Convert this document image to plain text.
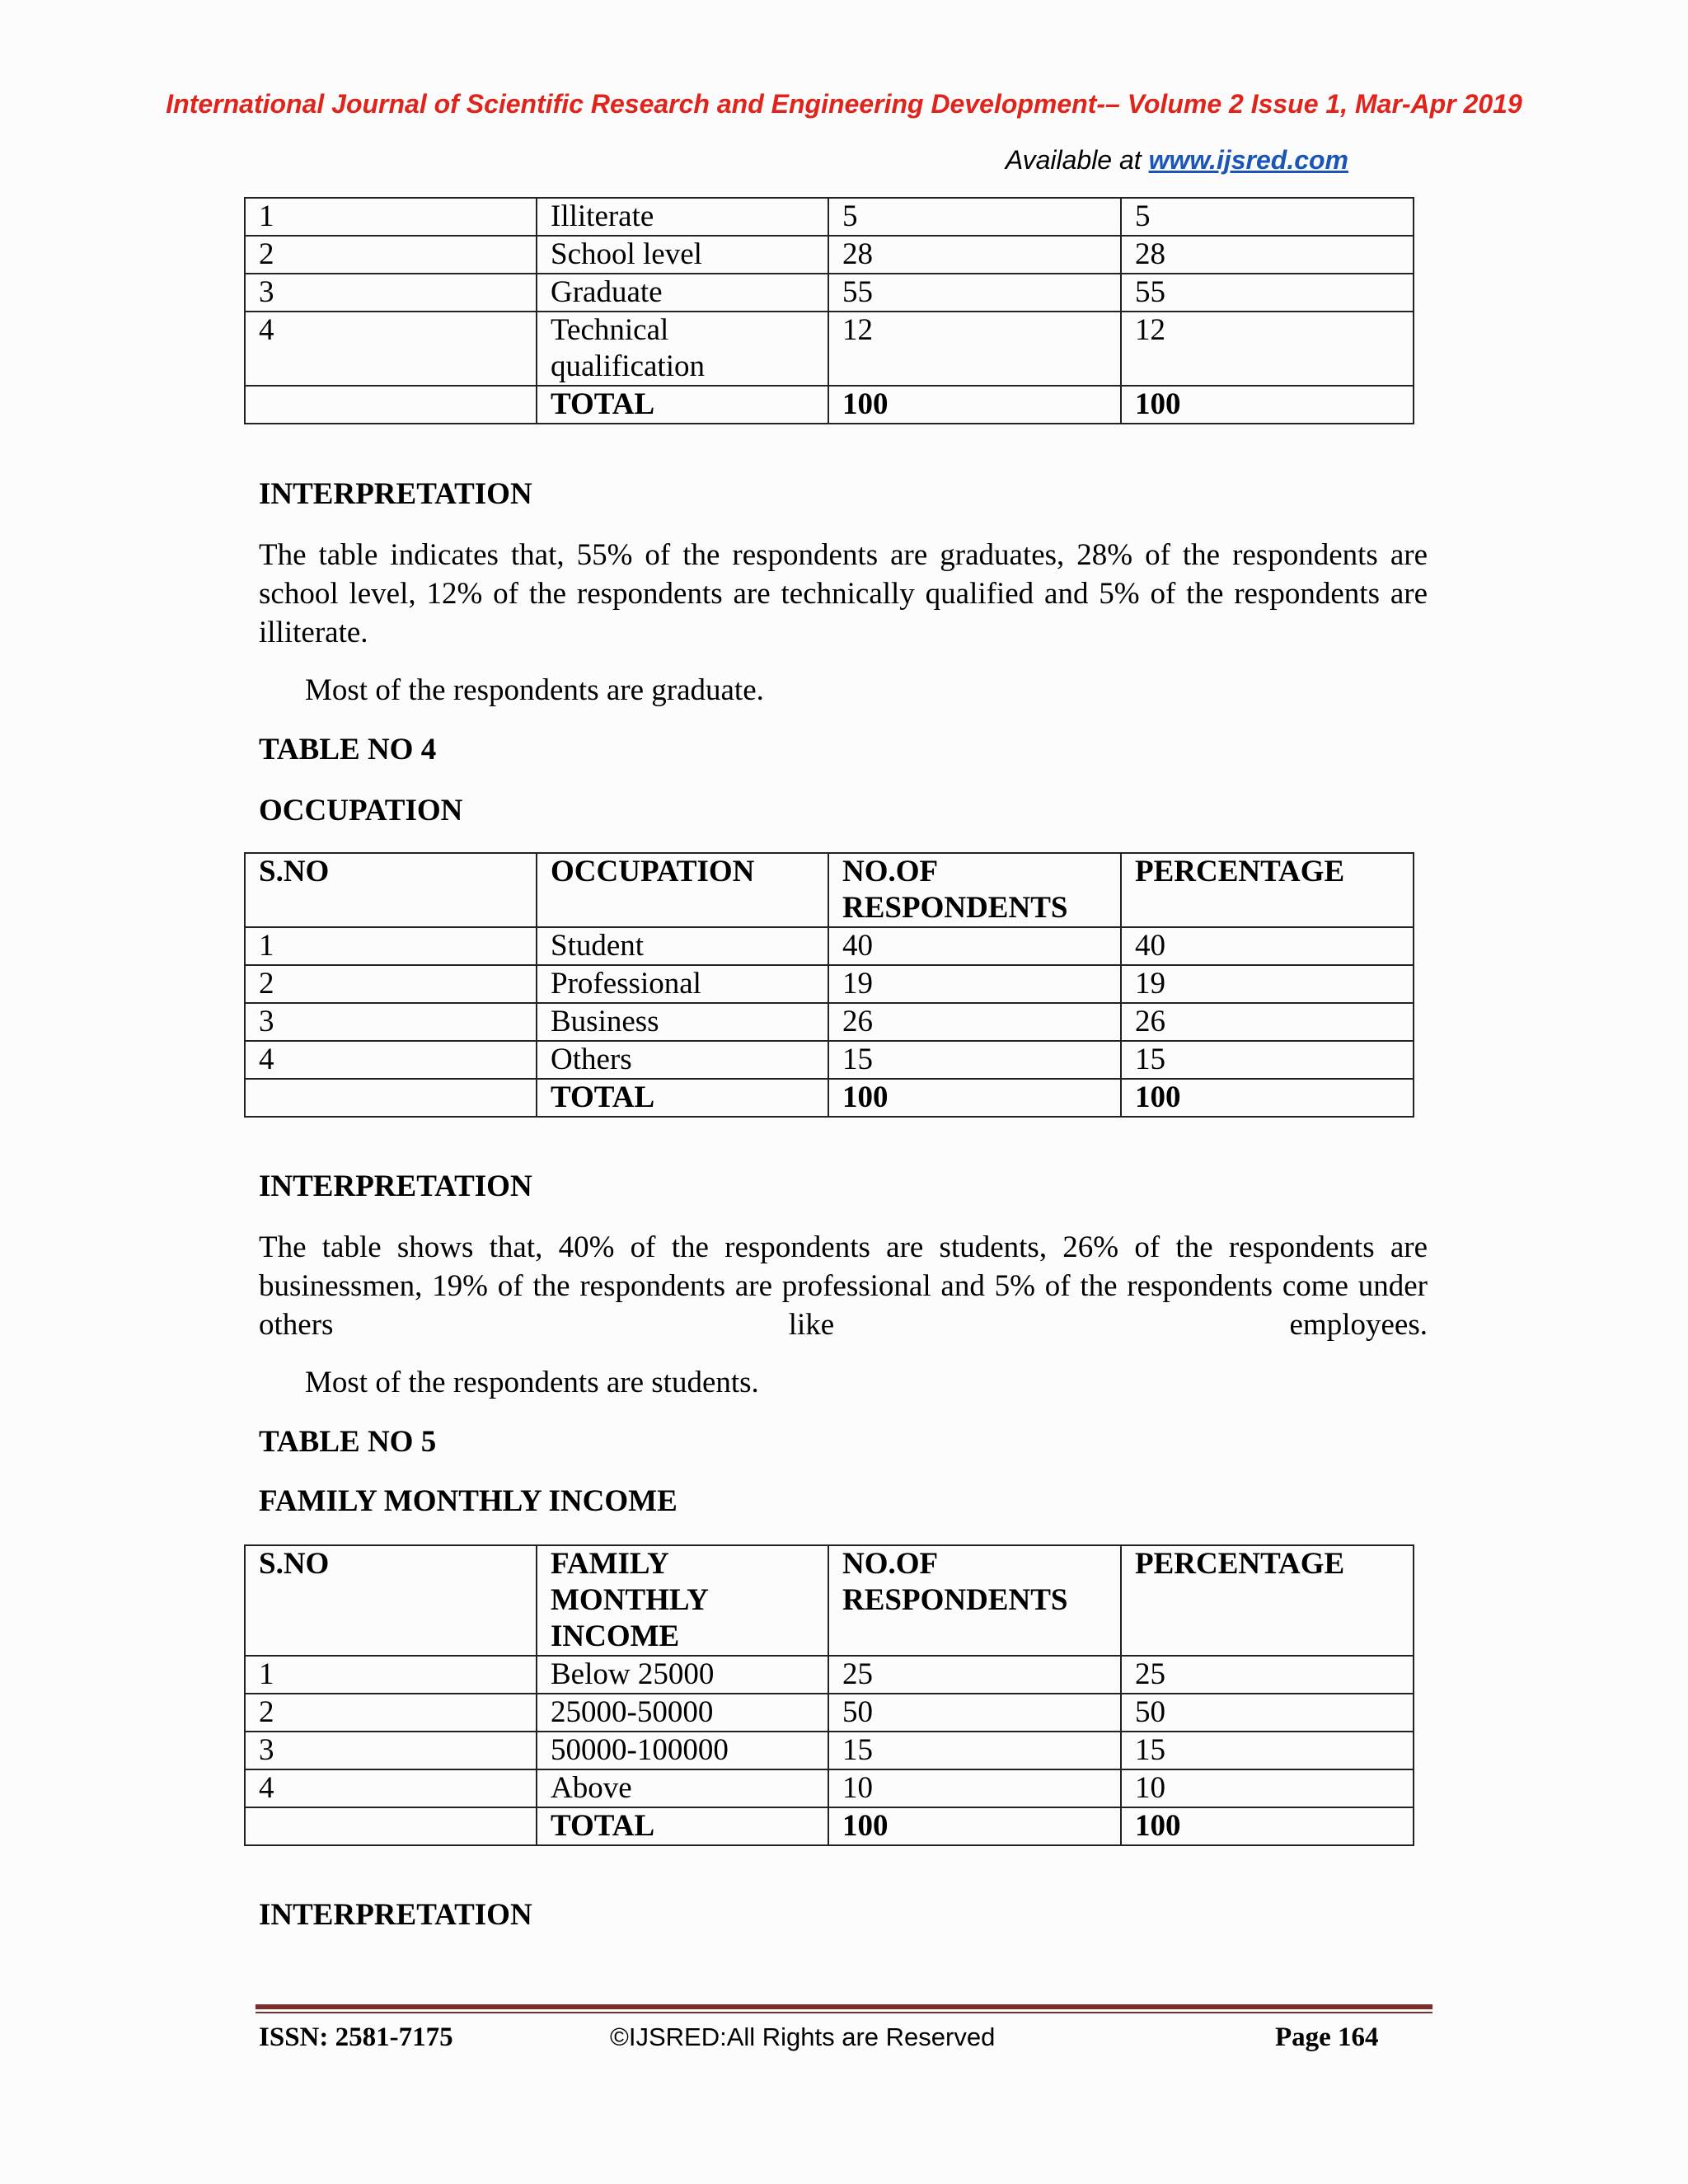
International Journal of Scientific Research and Engineering Development-– Volume 2 Issue 1, Mar-Apr 2019
Available at www.ijsred.com
1	Illiterate	5	5
2	School level	28	28
3	Graduate	55	55
4	Technical qualification	12	12
	TOTAL	100	100
INTERPRETATION
The table indicates that, 55% of the respondents are graduates, 28% of the respondents are school level, 12% of the respondents are technically qualified and 5% of the respondents are illiterate.
Most of the respondents are graduate.
TABLE NO 4
OCCUPATION
S.NO	OCCUPATION	NO.OF RESPONDENTS	PERCENTAGE
1	Student	40	40
2	Professional	19	19
3	Business	26	26
4	Others	15	15
	TOTAL	100	100
INTERPRETATION
The table shows that, 40% of the respondents are students, 26% of the respondents are businessmen, 19% of the respondents are professional and 5% of the respondents come under others like employees.
Most of the respondents are students.
TABLE NO 5
FAMILY MONTHLY INCOME
S.NO	FAMILY MONTHLY INCOME	NO.OF RESPONDENTS	PERCENTAGE
1	Below 25000	25	25
2	25000-50000	50	50
3	50000-100000	15	15
4	Above	10	10
	TOTAL	100	100
INTERPRETATION
ISSN: 2581-7175	©IJSRED:All Rights are Reserved	Page 164
